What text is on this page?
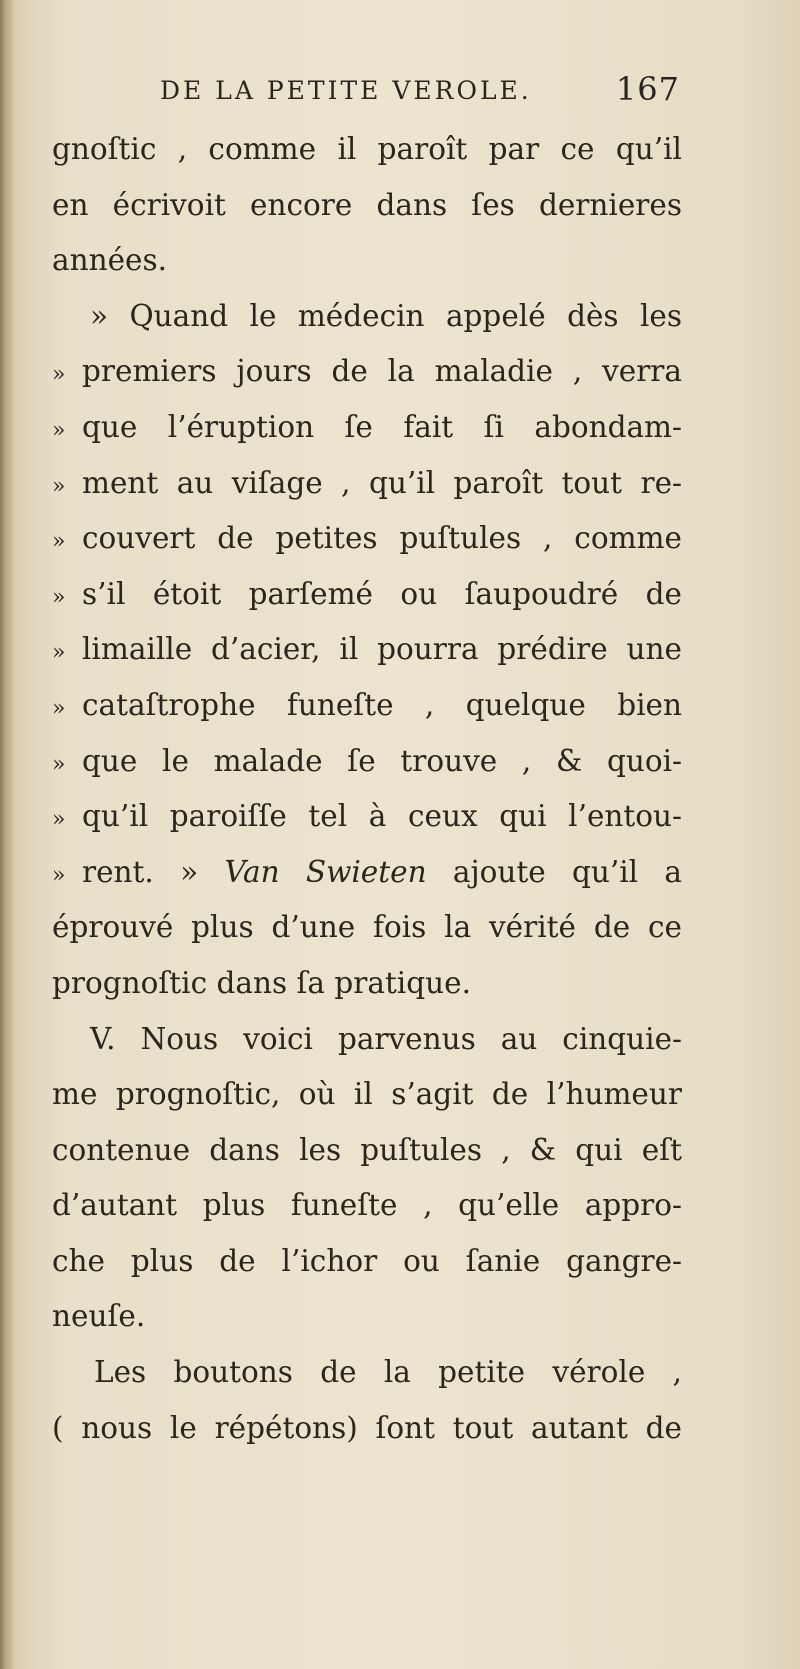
DE LA PETITE VEROLE.	167
gnoſtic , comme il paroît par ce qu’il
en écrivoit encore dans ſes dernieres
années.
» Quand le médecin appelé dès les
» premiers jours de la maladie , verra
» que l’éruption ſe fait ſi abondam-
» ment au viſage , qu’il paroît tout re-
» couvert de petites puſtules , comme
» s’il étoit parſemé ou ſaupoudré de
» limaille d’acier, il pourra prédire une
» cataſtrophe funeſte , quelque bien
» que le malade ſe trouve , & quoi-
» qu’il paroiſſe tel à ceux qui l’entou-
» rent. » Van Swieten ajoute qu’il a
éprouvé plus d’une fois la vérité de ce
prognoſtic dans ſa pratique.
V. Nous voici parvenus au cinquie-
me prognoſtic, où il s’agit de l’humeur
contenue dans les puſtules , & qui eſt
d’autant plus funeſte , qu’elle appro-
che plus de l’ichor ou ſanie gangre-
neuſe.
Les boutons de la petite vérole ,
( nous le répétons) ſont tout autant de
